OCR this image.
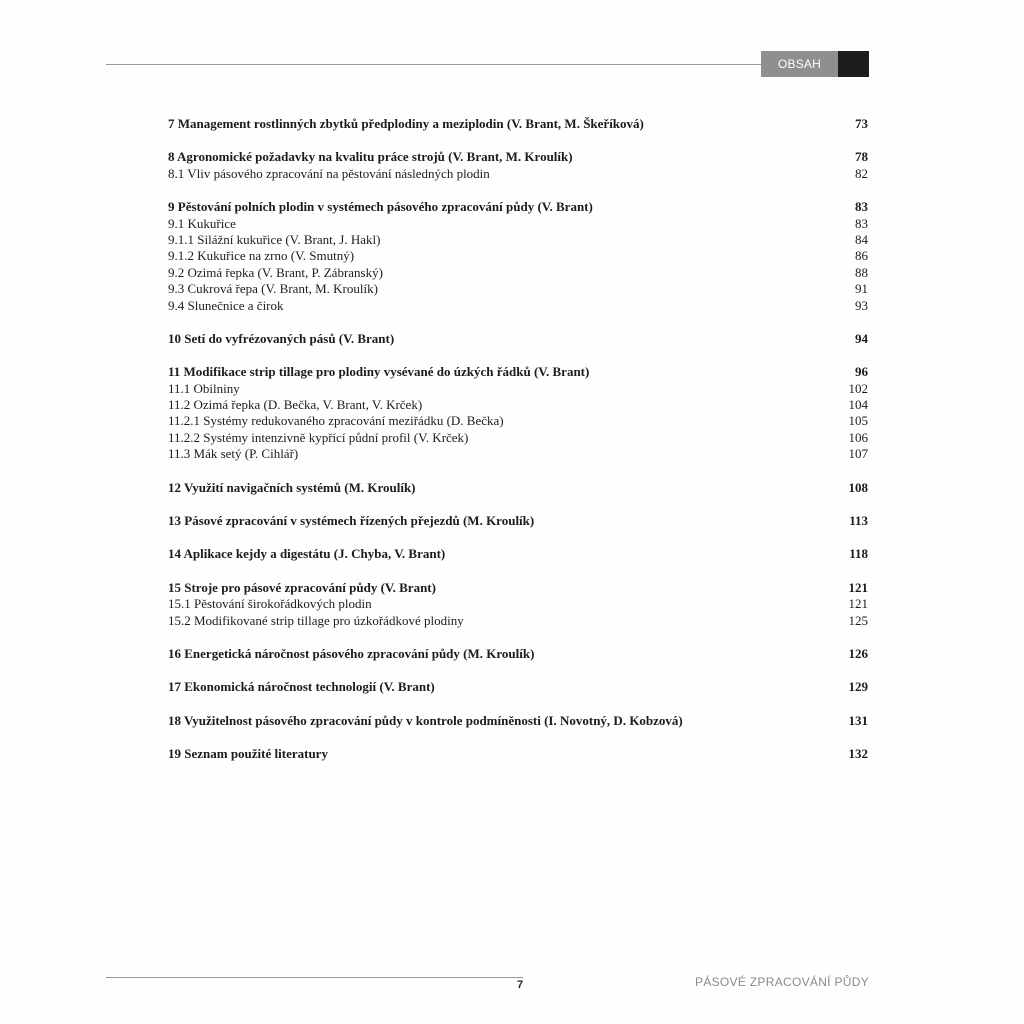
OBSAH
7 Management rostlinných zbytků předplodiny a meziplodin (V. Brant, M. Škeříková)	73
8 Agronomické požadavky na kvalitu práce strojů (V. Brant, M. Kroulík)	78
8.1 Vliv pásového zpracování na pěstování následných plodin	82
9 Pěstování polních plodin v systémech pásového zpracování půdy (V. Brant)	83
9.1 Kukuřice	83
9.1.1 Silážní kukuřice (V. Brant, J. Hakl)	84
9.1.2 Kukuřice na zrno (V. Smutný)	86
9.2 Ozimá řepka (V. Brant, P. Zábranský)	88
9.3 Cukrová řepa (V. Brant, M. Kroulík)	91
9.4 Slunečnice a čirok	93
10 Setí do vyfrézovaných pásů (V. Brant)	94
11 Modifikace strip tillage pro plodiny vysévané do úzkých řádků (V. Brant)	96
11.1 Obilniny	102
11.2 Ozimá řepka (D. Bečka, V. Brant, V. Krček)	104
11.2.1 Systémy redukovaného zpracování meziřádku (D. Bečka)	105
11.2.2 Systémy intenzivně kypřící půdní profil (V. Krček)	106
11.3 Mák setý (P. Cihlář)	107
12 Využití navigačních systémů (M. Kroulík)	108
13 Pásové zpracování v systémech řízených přejezdů (M. Kroulík)	113
14 Aplikace kejdy a digestátu (J. Chyba, V. Brant)	118
15 Stroje pro pásové zpracování půdy (V. Brant)	121
15.1 Pěstování širokořádkových plodin	121
15.2 Modifikované strip tillage pro úzkořádkové plodiny	125
16 Energetická náročnost pásového zpracování půdy (M. Kroulík)	126
17 Ekonomická náročnost technologií (V. Brant)	129
18 Využitelnost pásového zpracování půdy v kontrole podmíněnosti (I. Novotný, D. Kobzová)	131
19 Seznam použité literatury	132
7	PÁSOVÉ ZPRACOVÁNÍ PŮDY
